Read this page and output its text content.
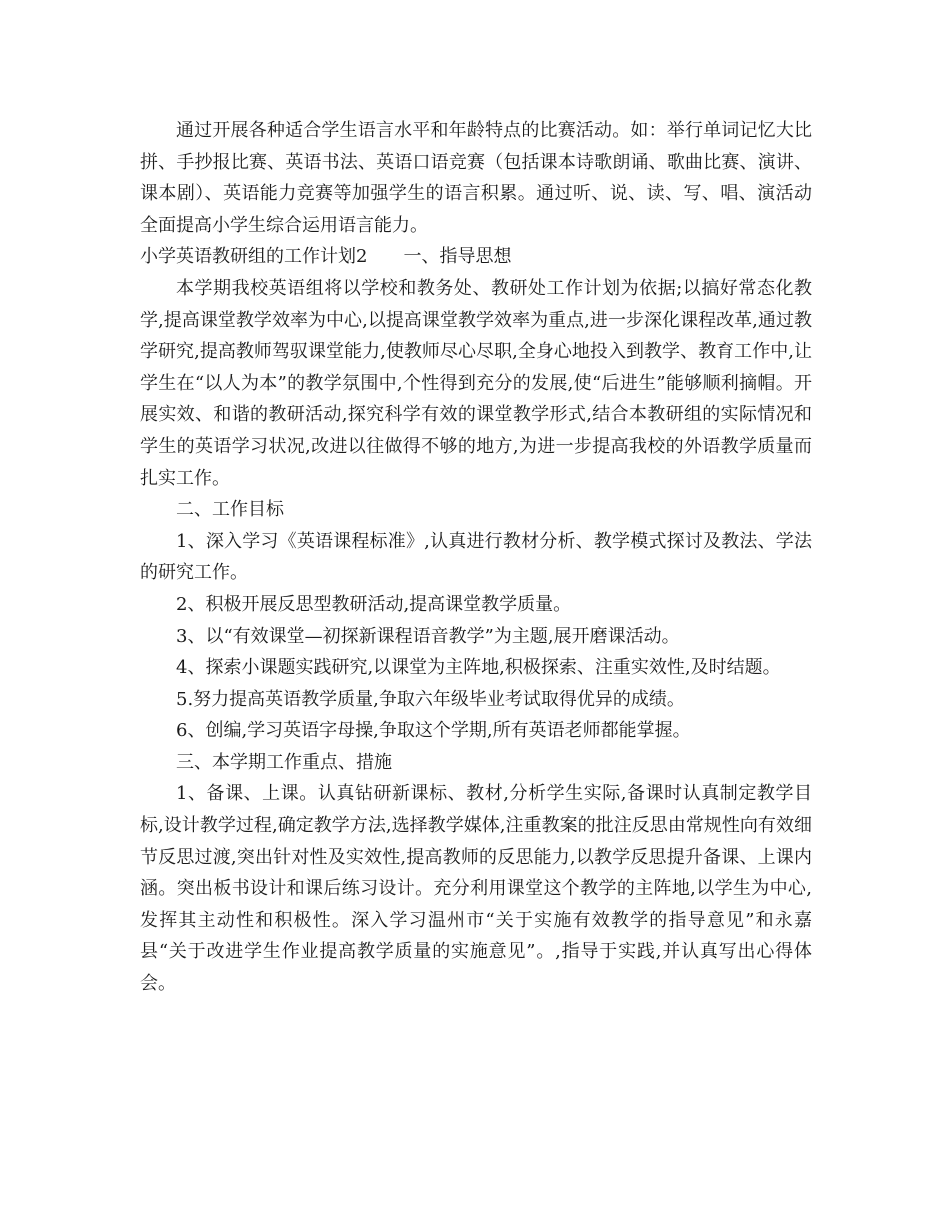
通过开展各种适合学生语言水平和年龄特点的比赛活动。如：举行单词记忆大比拼、手抄报比赛、英语书法、英语口语竞赛（包括课本诗歌朗诵、歌曲比赛、演讲、课本剧）、英语能力竞赛等加强学生的语言积累。通过听、说、读、写、唱、演活动全面提高小学生综合运用语言能力。

小学英语教研组的工作计划2 一、指导思想

本学期我校英语组将以学校和教务处、教研处工作计划为依据;以搞好常态化教学,提高课堂教学效率为中心,以提高课堂教学效率为重点,进一步深化课程改革,通过教学研究,提高教师驾驭课堂能力,使教师尽心尽职,全身心地投入到教学、教育工作中,让学生在“以人为本”的教学氛围中,个性得到充分的发展,使“后进生”能够顺利摘帽。开展实效、和谐的教研活动,探究科学有效的课堂教学形式,结合本教研组的实际情况和学生的英语学习状况,改进以往做得不够的地方,为进一步提高我校的外语教学质量而扎实工作。

二、工作目标

1、深入学习《英语课程标准》,认真进行教材分析、教学模式探讨及教法、学法的研究工作。

2、积极开展反思型教研活动,提高课堂教学质量。

3、以“有效课堂—初探新课程语音教学”为主题,展开磨课活动。

4、探索小课题实践研究,以课堂为主阵地,积极探索、注重实效性,及时结题。

5.努力提高英语教学质量,争取六年级毕业考试取得优异的成绩。

6、创编,学习英语字母操,争取这个学期,所有英语老师都能掌握。

三、本学期工作重点、措施

1、备课、上课。认真钻研新课标、教材,分析学生实际,备课时认真制定教学目标,设计教学过程,确定教学方法,选择教学媒体,注重教案的批注反思由常规性向有效细节反思过渡,突出针对性及实效性,提高教师的反思能力,以教学反思提升备课、上课内涵。突出板书设计和课后练习设计。充分利用课堂这个教学的主阵地,以学生为中心,发挥其主动性和积极性。深入学习温州市“关于实施有效教学的指导意见”和永嘉县“关于改进学生作业提高教学质量的实施意见”。,指导于实践,并认真写出心得体会。
